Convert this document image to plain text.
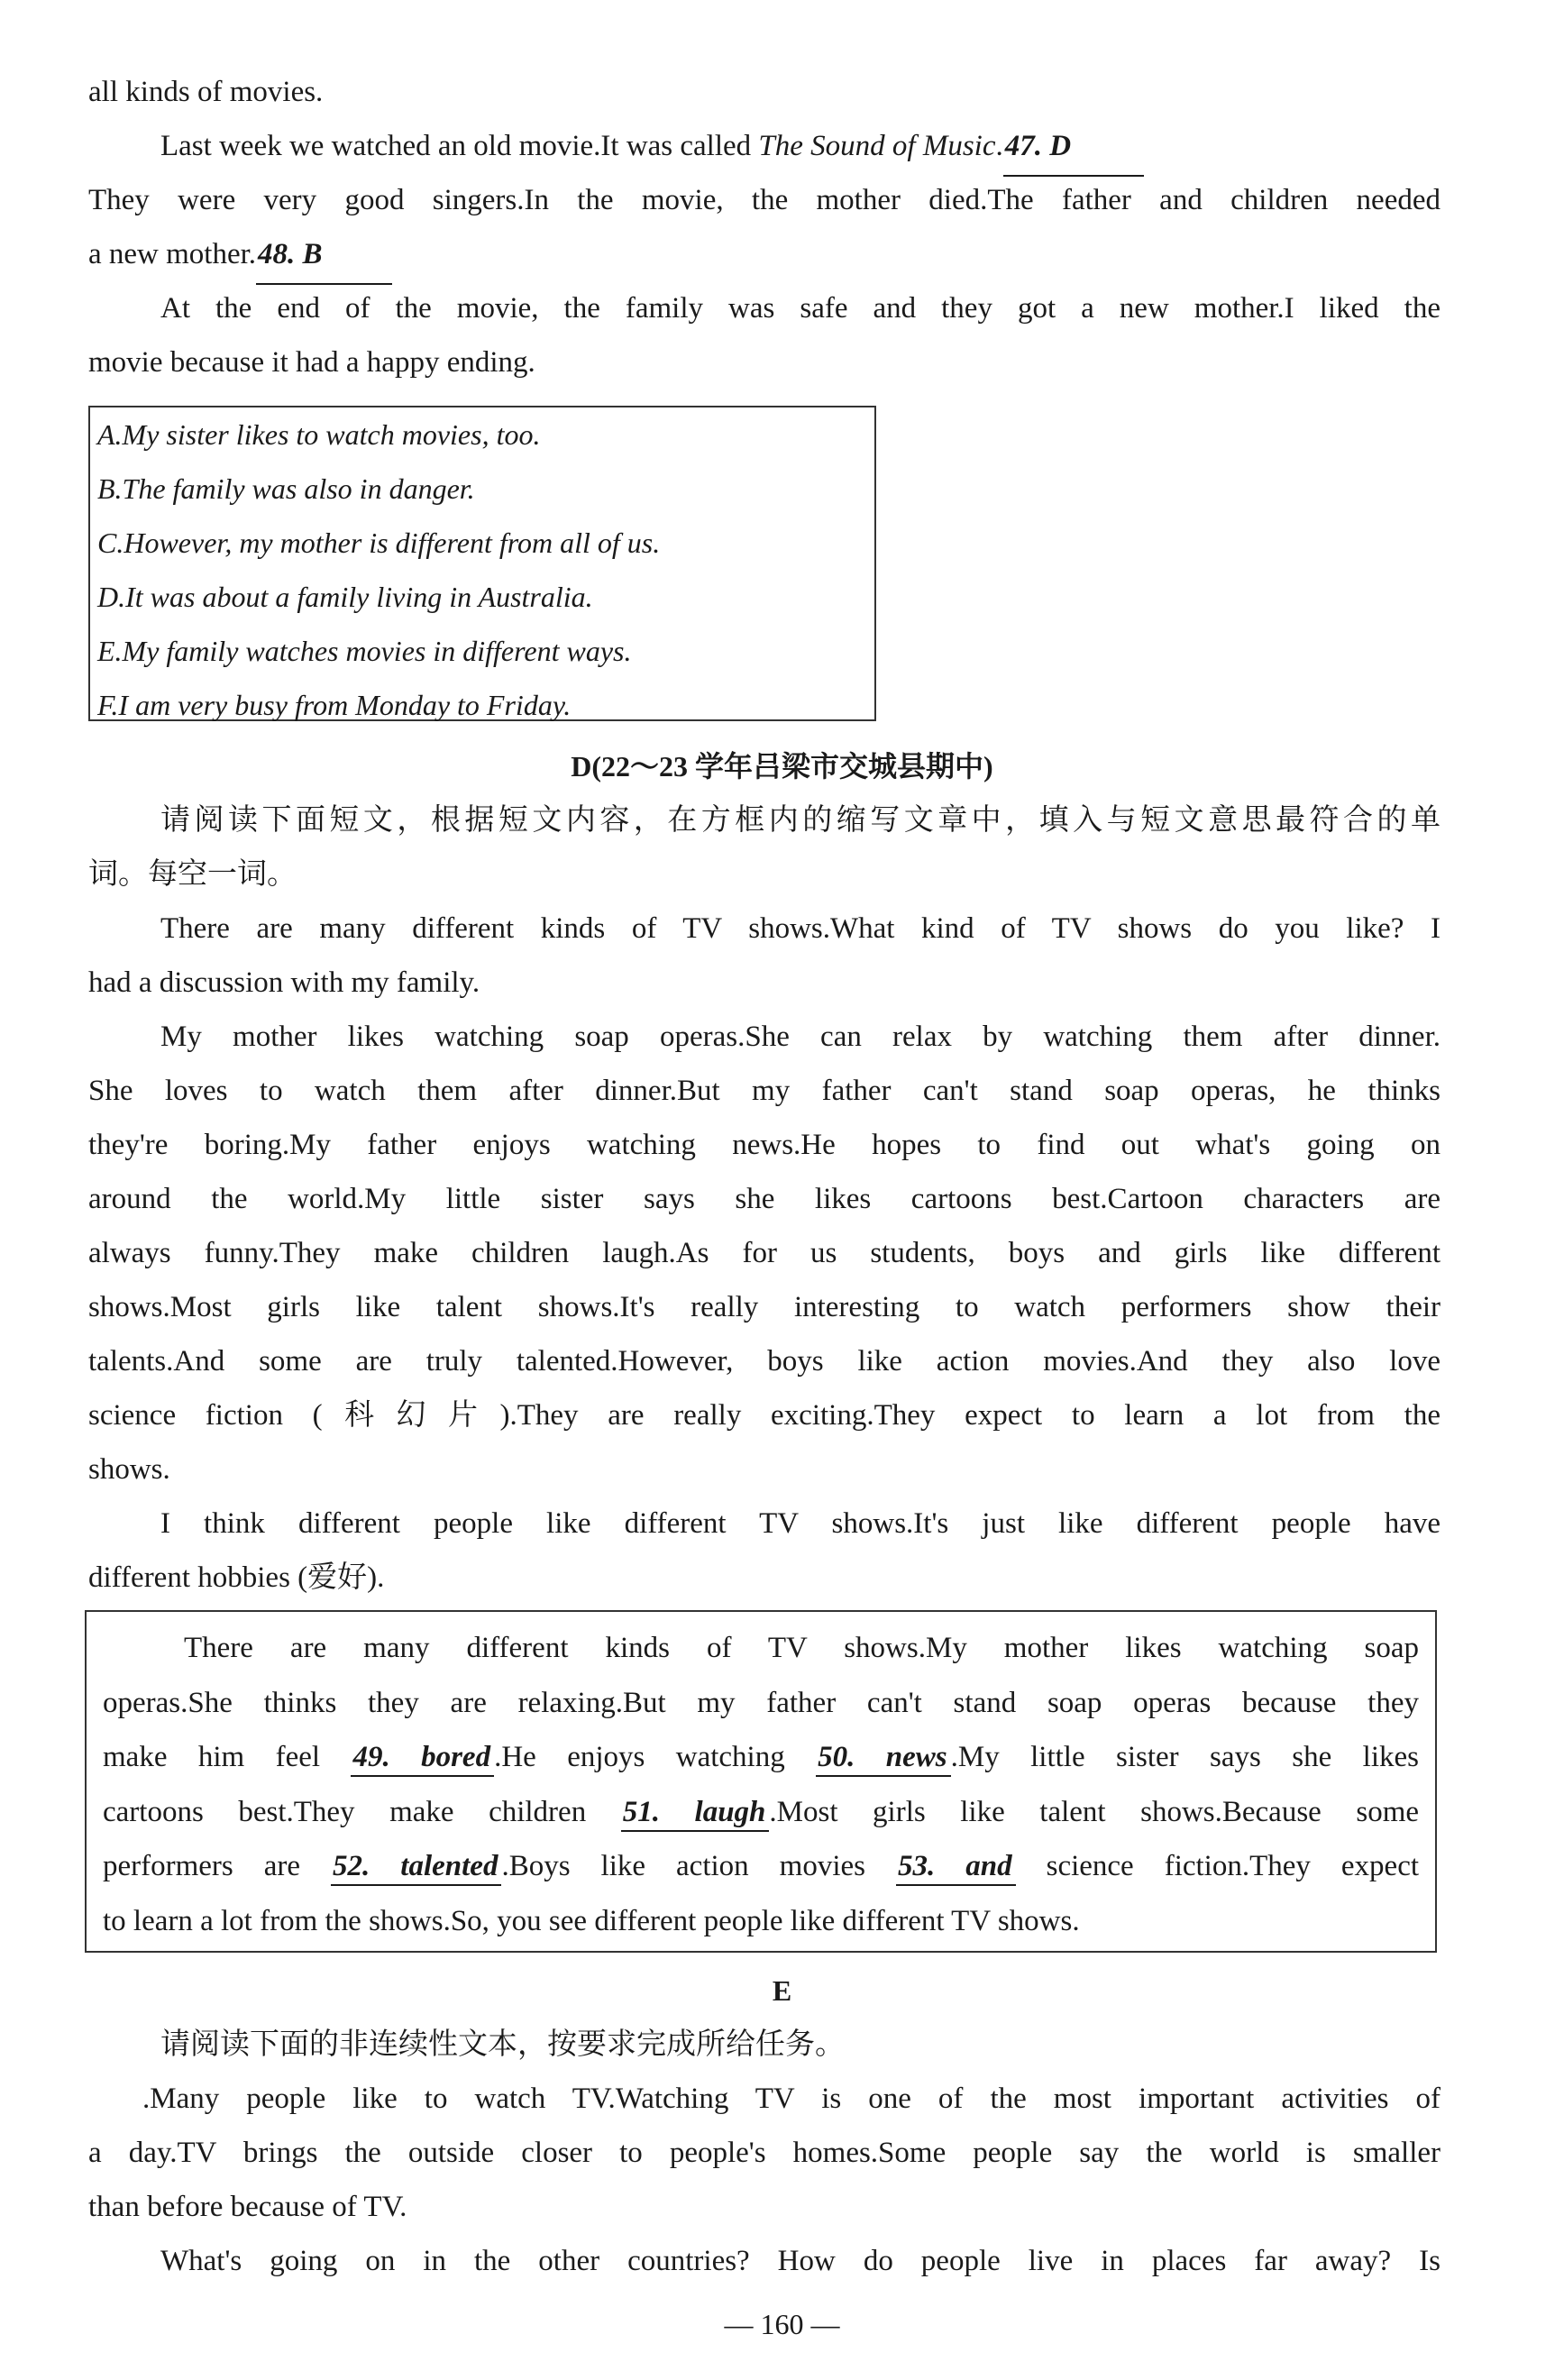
all kinds of movies.

Last week we watched an old movie.It was called The Sound of Music.47. D

They were very good singers.In the movie, the mother died.The father and children needed

a new mother.48. B

At the end of the movie, the family was safe and they got a new mother.I liked the

movie because it had a happy ending.

A.My sister likes to watch movies, too.
B.The family was also in danger.
C.However, my mother is different from all of us.
D.It was about a family living in Australia.
E.My family watches movies in different ways.
F.I am very busy from Monday to Friday.

D(22～23 学年吕梁市交城县期中)

请阅读下面短文，根据短文内容，在方框内的缩写文章中，填入与短文意思最符合的单

词。每空一词。

There are many different kinds of TV shows.What kind of TV shows do you like? I

had a discussion with my family.

My mother likes watching soap operas.She can relax by watching them after dinner.

She loves to watch them after dinner.But my father can't stand soap operas, he thinks

they're boring.My father enjoys watching news.He hopes to find out what's going on

around the world.My little sister says she likes cartoons best.Cartoon characters are

always funny.They make children laugh.As for us students, boys and girls like different

shows.Most girls like talent shows.It's really interesting to watch performers show their

talents.And some are truly talented.However, boys like action movies.And they also love

science fiction (科幻片).They are really exciting.They expect to learn a lot from the

shows.

I think different people like different TV shows.It's just like different people have

different hobbies (爱好).

There are many different kinds of TV shows.My mother likes watching soap
operas.She thinks they are relaxing.But my father can't stand soap operas because they
make him feel 49. bored .He enjoys watching 50. news .My little sister says she likes
cartoons best.They make children 51. laugh .Most girls like talent shows.Because some
performers are 52. talented .Boys like action movies 53. and science fiction.They expect
to learn a lot from the shows.So, you see different people like different TV shows.

E

请阅读下面的非连续性文本，按要求完成所给任务。

.Many people like to watch TV.Watching TV is one of the most important activities of

a day.TV brings the outside closer to people's homes.Some people say the world is smaller

than before because of TV.

What's going on in the other countries? How do people live in places far away? Is

— 160 —
